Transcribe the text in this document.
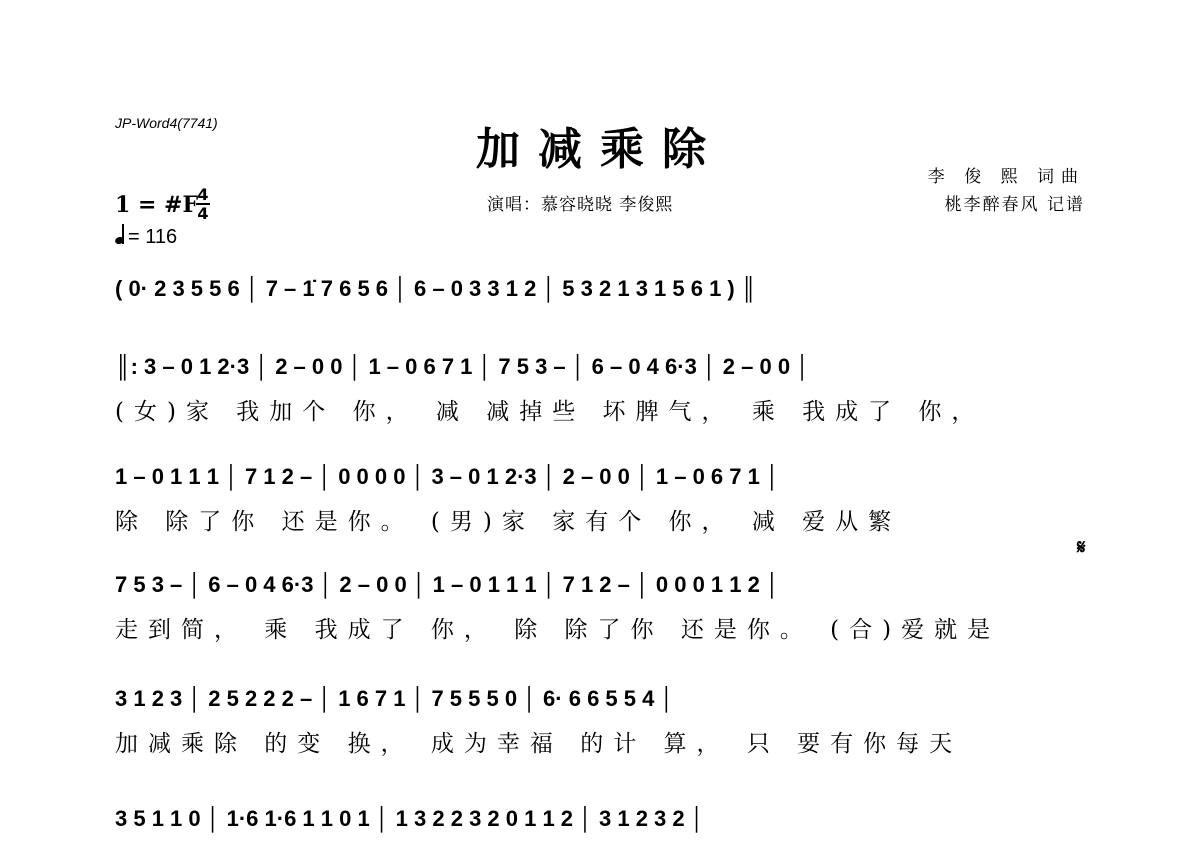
JP-Word4(7741)
加减乘除
演唱：慕容晓晓 李俊熙
李 俊 熙 词曲
桃李醉春风 记谱
1 = #F 4
4
= 116
( 0· 2 3 5 5 6 │ 7 – 1̇ 7 6 5 6 │ 6 – 0 3 3 1 2 │ 5 3 2 1 3 1 5 6 1 ) ║
║: 3 – 0 1 2·3 │ 2 – 0 0 │ 1 – 0 6 7 1 │ 7 5 3 – │ 6 – 0 4 6·3 │ 2 – 0 0 │
(女)家 我加个 你， 减 减掉些 坏脾气， 乘 我成了 你，
1 – 0 1 1 1 │ 7 1 2 – │ 0 0 0 0 │ 3 – 0 1 2·3 │ 2 – 0 0 │ 1 – 0 6 7 1 │
除 除了你 还是你。 (男)家 家有个 你， 减 爱从繁
𝄋
7 5 3 – │ 6 – 0 4 6·3 │ 2 – 0 0 │ 1 – 0 1 1 1 │ 7 1 2 – │ 0 0 0 1 1 2 │
走到简， 乘 我成了 你， 除 除了你 还是你。 (合)爱就是
3 1 2 3 │ 2 5 2 2 2 – │ 1 6 7 1 │ 7 5 5 5 0 │ 6· 6 6 5 5 4 │
加减乘除 的变 换， 成为幸福 的计 算， 只 要有你每天
3 5 1 1 0 │ 1·6 1·6 1 1 0 1 │ 1 3 2 2 3 2 0 1 1 2 │ 3 1 2 3 2 │
